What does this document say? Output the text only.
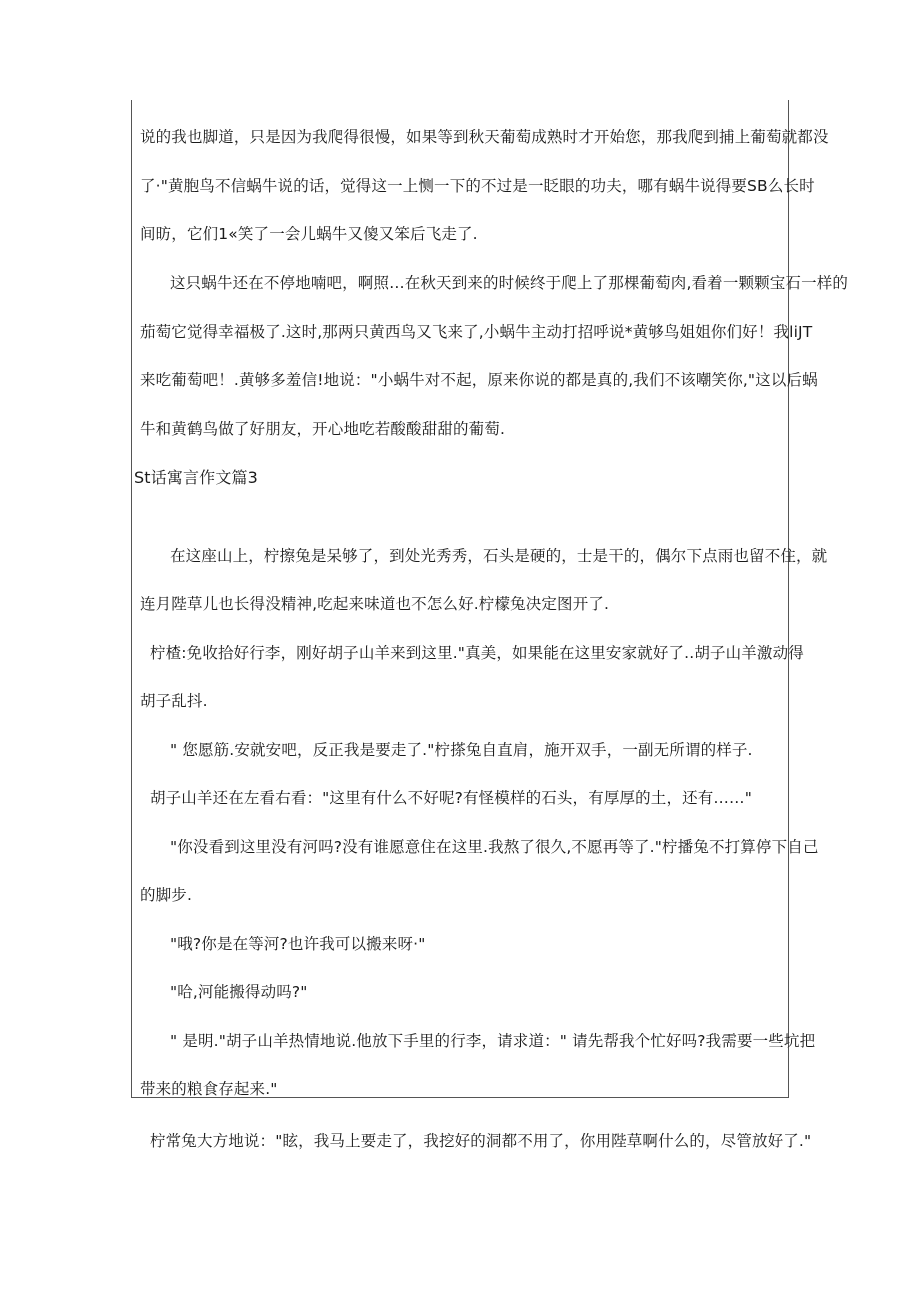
说的我也脚道，只是因为我爬得很慢，如果等到秋天葡萄成熟时才开始您，那我爬到捕上葡萄就都没
了·"黄胞鸟不信蜗牛说的话，觉得这一上恻一下的不过是一眨眼的功夫，哪有蜗牛说得要SB么长时
间昉，它们1«笑了一会儿蜗牛又傻又笨后飞走了.
这只蜗牛还在不停地喃吧，啊照…在秋天到来的时候终于爬上了那棵葡萄肉,看着一颗颗宝石一样的
茄萄它觉得幸福极了.这时,那两只黄西鸟又飞来了,小蜗牛主动打招呼说*黄够鸟姐姐你们好！我liJT
来吃葡萄吧！.黄够多羞信!地说："小蜗牛对不起，原来你说的都是真的,我们不该嘲笑你,"这以后蜗
牛和黄鹤鸟做了好朋友，开心地吃若酸酸甜甜的葡萄.
St话寓言作文篇3
在这座山上，柠擦兔是呆够了，到处光秀秀，石头是硬的，士是干的，偶尔下点雨也留不住，就
连月陛草儿也长得没精神,吃起来味道也不怎么好.柠檬兔决定图开了.
柠楂:免收拾好行李，刚好胡子山羊来到这里."真美，如果能在这里安家就好了..胡子山羊激动得
胡子乱抖.
" 您愿筋.安就安吧，反正我是要走了."柠搽兔自直肩，施开双手，一副无所谓的样子.
胡子山羊还在左看右看："这里有什么不好呢?有怪模样的石头，有厚厚的土，还有……"
"你没看到这里没有河吗?没有谁愿意住在这里.我熬了很久,不愿再等了."柠播兔不打算停下自己
的脚步.
"哦?你是在等河?也许我可以搬来呀·"
"哈,河能搬得动吗?"
" 是明."胡子山羊热情地说.他放下手里的行李，请求道：" 请先帮我个忙好吗?我需要一些坑把
带来的粮食存起来."
柠常兔大方地说："眩，我马上要走了，我挖好的洞都不用了，你用陛草啊什么的，尽管放好了."
